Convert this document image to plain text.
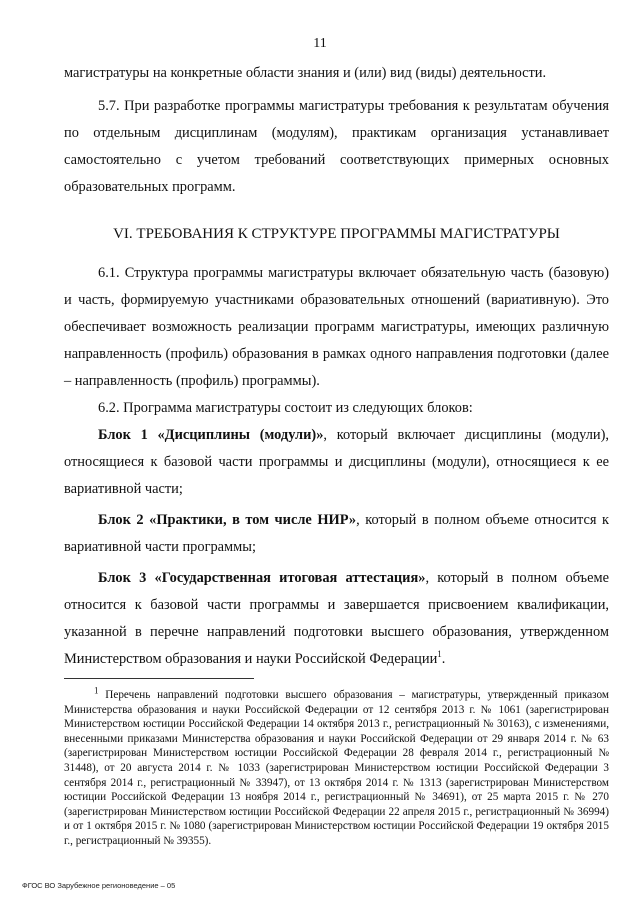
11

магистратуры на конкретные области знания и (или) вид (виды) деятельности.

5.7. При разработке программы магистратуры требования к результатам обучения по отдельным дисциплинам (модулям), практикам организация устанавливает самостоятельно с учетом требований соответствующих примерных основных образовательных программ.

VI. ТРЕБОВАНИЯ К СТРУКТУРЕ ПРОГРАММЫ МАГИСТРАТУРЫ

6.1. Структура программы магистратуры включает обязательную часть (базовую) и часть, формируемую участниками образовательных отношений (вариативную). Это обеспечивает возможность реализации программ магистратуры, имеющих различную направленность (профиль) образования в рамках одного направления подготовки (далее – направленность (профиль) программы).

6.2. Программа магистратуры состоит из следующих блоков:

Блок 1 «Дисциплины (модули)», который включает дисциплины (модули), относящиеся к базовой части программы и дисциплины (модули), относящиеся к ее вариативной части;

Блок 2 «Практики, в том числе НИР», который в полном объеме относится к вариативной части программы;

Блок 3 «Государственная итоговая аттестация», который в полном объеме относится к базовой части программы и завершается присвоением квалификации, указанной в перечне направлений подготовки высшего образования, утвержденном Министерством образования и науки Российской Федерации$^1$.

$^1$ Перечень направлений подготовки высшего образования – магистратуры, утвержденный приказом Министерства образования и науки Российской Федерации от 12 сентября 2013 г. № 1061 (зарегистрирован Министерством юстиции Российской Федерации 14 октября 2013 г., регистрационный № 30163), с изменениями, внесенными приказами Министерства образования и науки Российской Федерации от 29 января 2014 г. № 63 (зарегистрирован Министерством юстиции Российской Федерации 28 февраля 2014 г., регистрационный № 31448), от 20 августа 2014 г. № 1033 (зарегистрирован Министерством юстиции Российской Федерации 3 сентября 2014 г., регистрационный № 33947), от 13 октября 2014 г. № 1313 (зарегистрирован Министерством юстиции Российской Федерации 13 ноября 2014 г., регистрационный № 34691), от 25 марта 2015 г. № 270 (зарегистрирован Министерством юстиции Российской Федерации 22 апреля 2015 г., регистрационный № 36994) и от 1 октября 2015 г. № 1080 (зарегистрирован Министерством юстиции Российской Федерации 19 октября 2015 г., регистрационный № 39355).

ФГОС ВО Зарубежное регионоведение – 05
